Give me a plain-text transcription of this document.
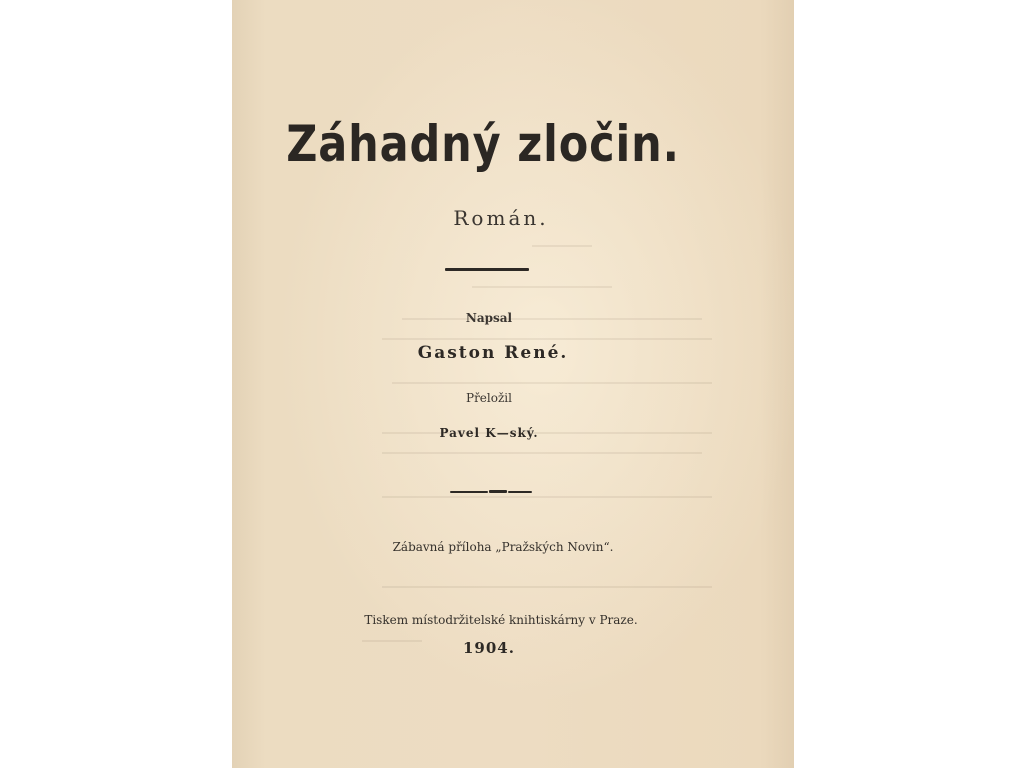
Záhadný zločin.
Román.
Napsal
Gaston René.
Přeložil
Pavel K—ský.
Zábavná příloha „Pražských Novin“.
Tiskem místodržitelské knihtiskárny v Praze.
1904.
